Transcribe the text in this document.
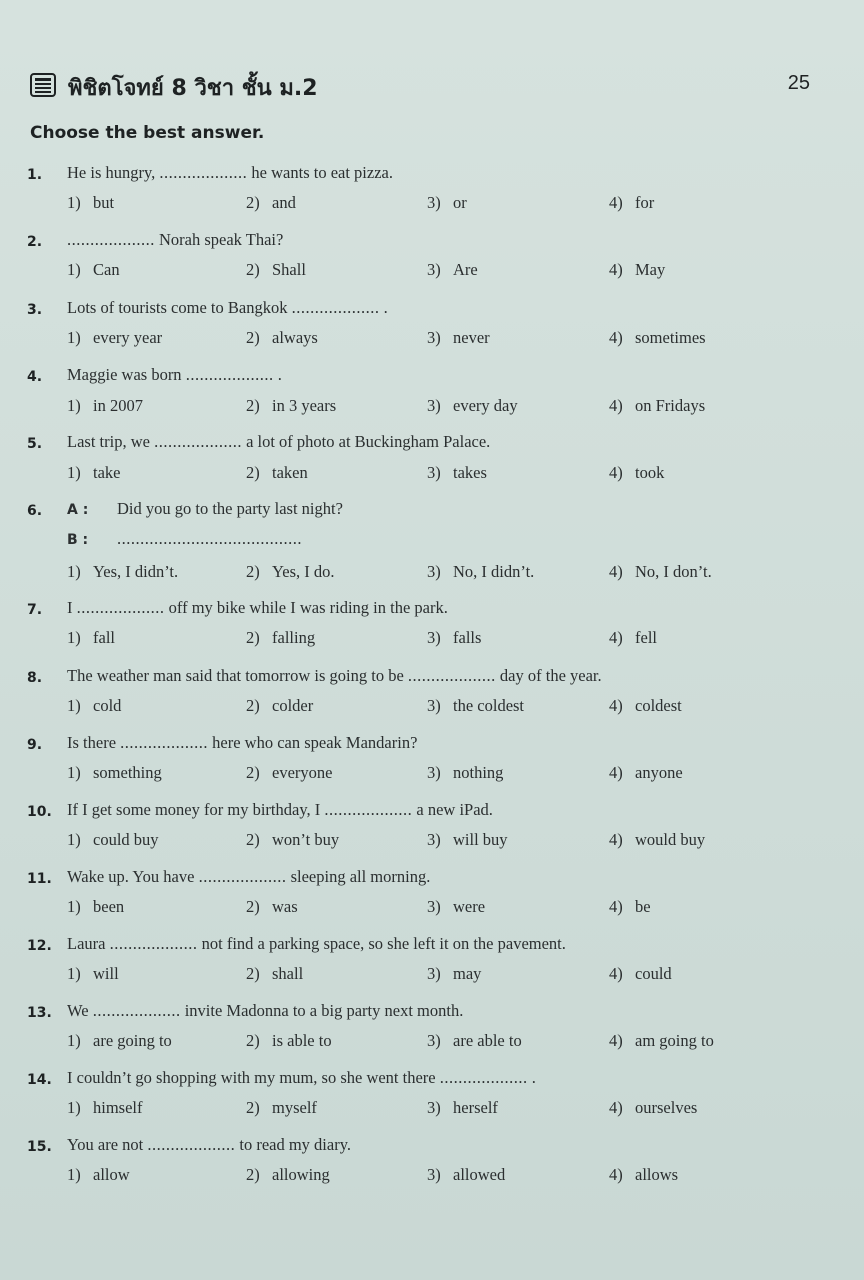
พิชิตโจทย์ 8 วิชา ชั้น ม.2	25
Choose the best answer.
1. He is hungry, ................... he wants to eat pizza.
1) but	2) and	3) or	4) for
2. ................... Norah speak Thai?
1) Can	2) Shall	3) Are	4) May
3. Lots of tourists come to Bangkok ................... .
1) every year	2) always	3) never	4) sometimes
4. Maggie was born ................... .
1) in 2007	2) in 3 years	3) every day	4) on Fridays
5. Last trip, we ................... a lot of photo at Buckingham Palace.
1) take	2) taken	3) takes	4) took
6. A : Did you go to the party last night?
B : ........................................
1) Yes, I didn’t.	2) Yes, I do.	3) No, I didn’t.	4) No, I don’t.
7. I ................... off my bike while I was riding in the park.
1) fall	2) falling	3) falls	4) fell
8. The weather man said that tomorrow is going to be ................... day of the year.
1) cold	2) colder	3) the coldest	4) coldest
9. Is there ................... here who can speak Mandarin?
1) something	2) everyone	3) nothing	4) anyone
10. If I get some money for my birthday, I ................... a new iPad.
1) could buy	2) won’t buy	3) will buy	4) would buy
11. Wake up. You have ................... sleeping all morning.
1) been	2) was	3) were	4) be
12. Laura ................... not find a parking space, so she left it on the pavement.
1) will	2) shall	3) may	4) could
13. We ................... invite Madonna to a big party next month.
1) are going to	2) is able to	3) are able to	4) am going to
14. I couldn’t go shopping with my mum, so she went there ................... .
1) himself	2) myself	3) herself	4) ourselves
15. You are not ................... to read my diary.
1) allow	2) allowing	3) allowed	4) allows
